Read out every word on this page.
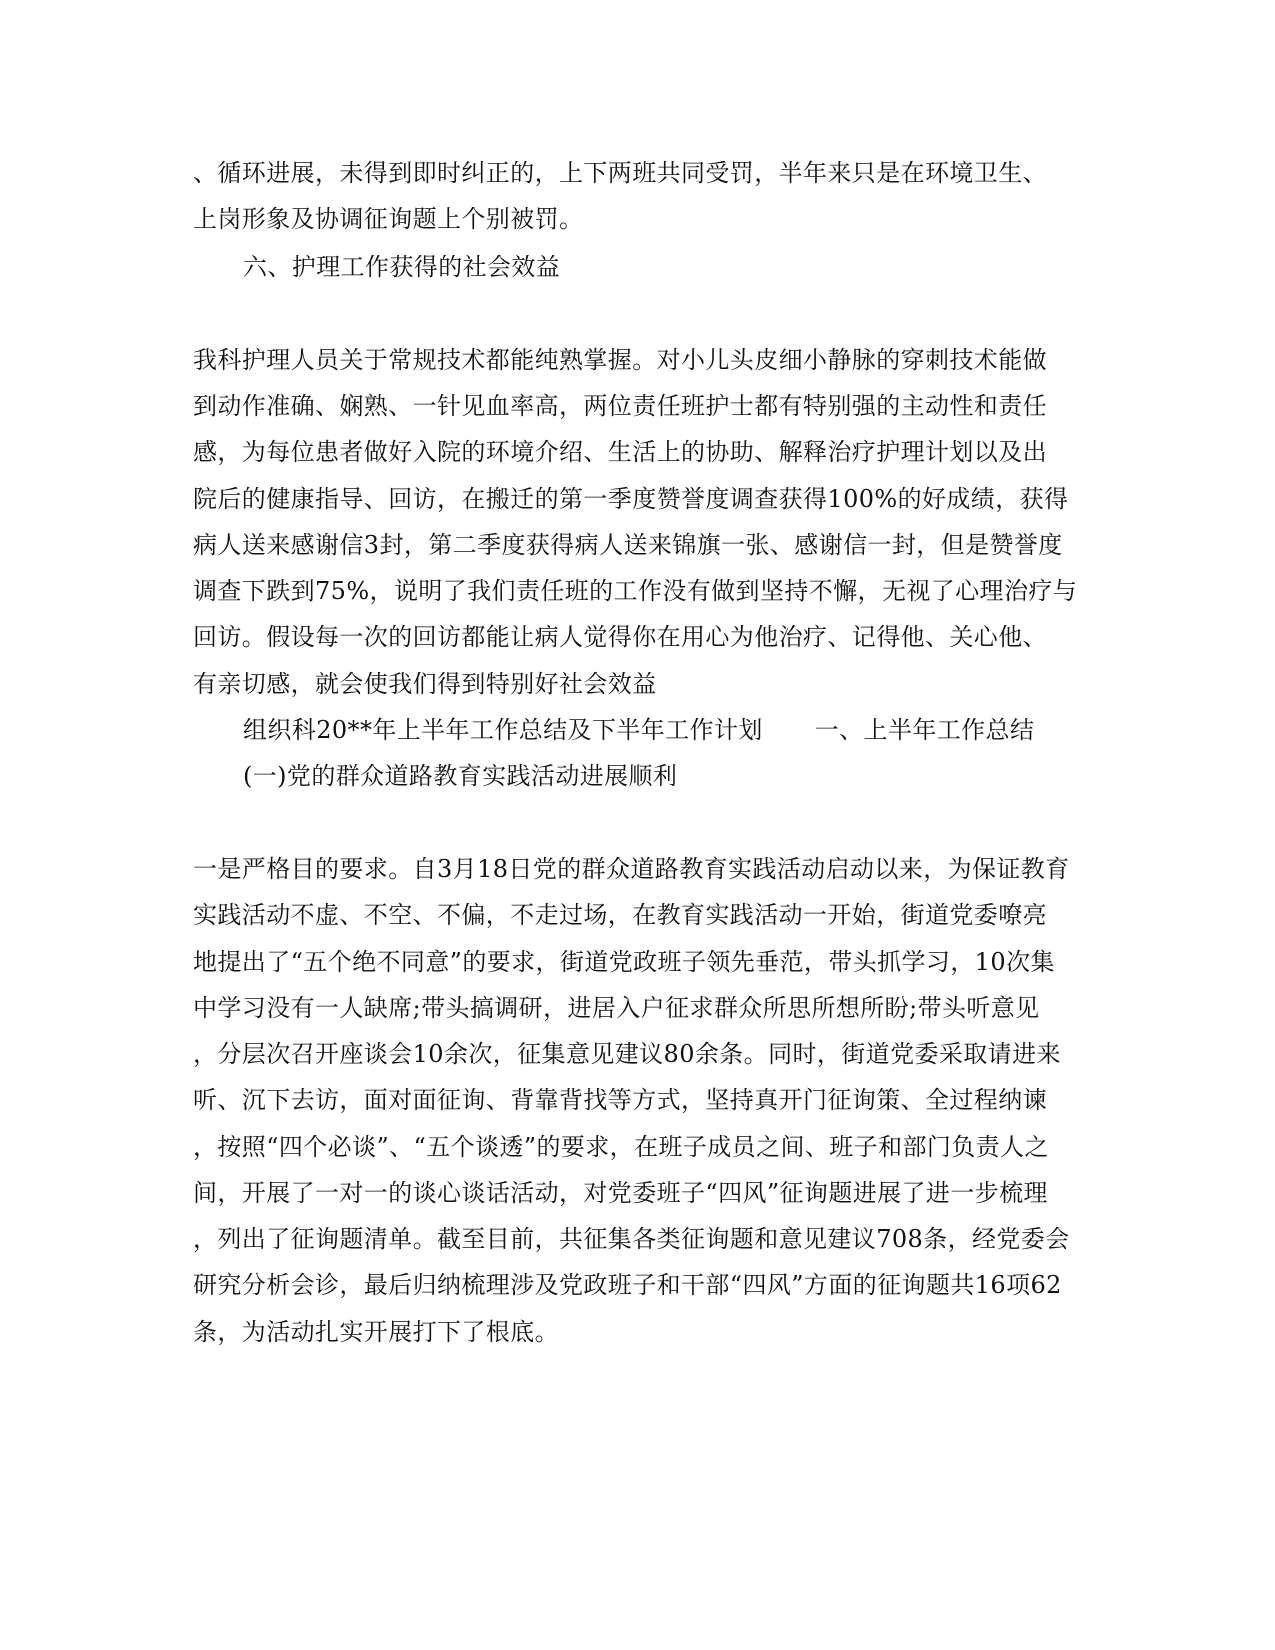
、循环进展，未得到即时纠正的，上下两班共同受罚，半年来只是在环境卫生、
上岗形象及协调征询题上个别被罚。
六、护理工作获得的社会效益
我科护理人员关于常规技术都能纯熟掌握。对小儿头皮细小静脉的穿刺技术能做
到动作准确、娴熟、一针见血率高，两位责任班护士都有特别强的主动性和责任
感，为每位患者做好入院的环境介绍、生活上的协助、解释治疗护理计划以及出
院后的健康指导、回访，在搬迁的第一季度赞誉度调查获得100%的好成绩，获得
病人送来感谢信3封，第二季度获得病人送来锦旗一张、感谢信一封，但是赞誉度
调查下跌到75%，说明了我们责任班的工作没有做到坚持不懈，无视了心理治疗与
回访。假设每一次的回访都能让病人觉得你在用心为他治疗、记得他、关心他、
有亲切感，就会使我们得到特别好社会效益
组织科20**年上半年工作总结及下半年工作计划 一、上半年工作总结
(一)党的群众道路教育实践活动进展顺利
一是严格目的要求。自3月18日党的群众道路教育实践活动启动以来，为保证教育
实践活动不虚、不空、不偏，不走过场，在教育实践活动一开始，街道党委嘹亮
地提出了“五个绝不同意”的要求，街道党政班子领先垂范，带头抓学习，10次集
中学习没有一人缺席;带头搞调研，进居入户征求群众所思所想所盼;带头听意见
，分层次召开座谈会10余次，征集意见建议80余条。同时，街道党委采取请进来
听、沉下去访，面对面征询、背靠背找等方式，坚持真开门征询策、全过程纳谏
，按照“四个必谈”、“五个谈透”的要求，在班子成员之间、班子和部门负责人之
间，开展了一对一的谈心谈话活动，对党委班子“四风”征询题进展了进一步梳理
，列出了征询题清单。截至目前，共征集各类征询题和意见建议708条，经党委会
研究分析会诊，最后归纳梳理涉及党政班子和干部“四风”方面的征询题共16项62
条，为活动扎实开展打下了根底。
